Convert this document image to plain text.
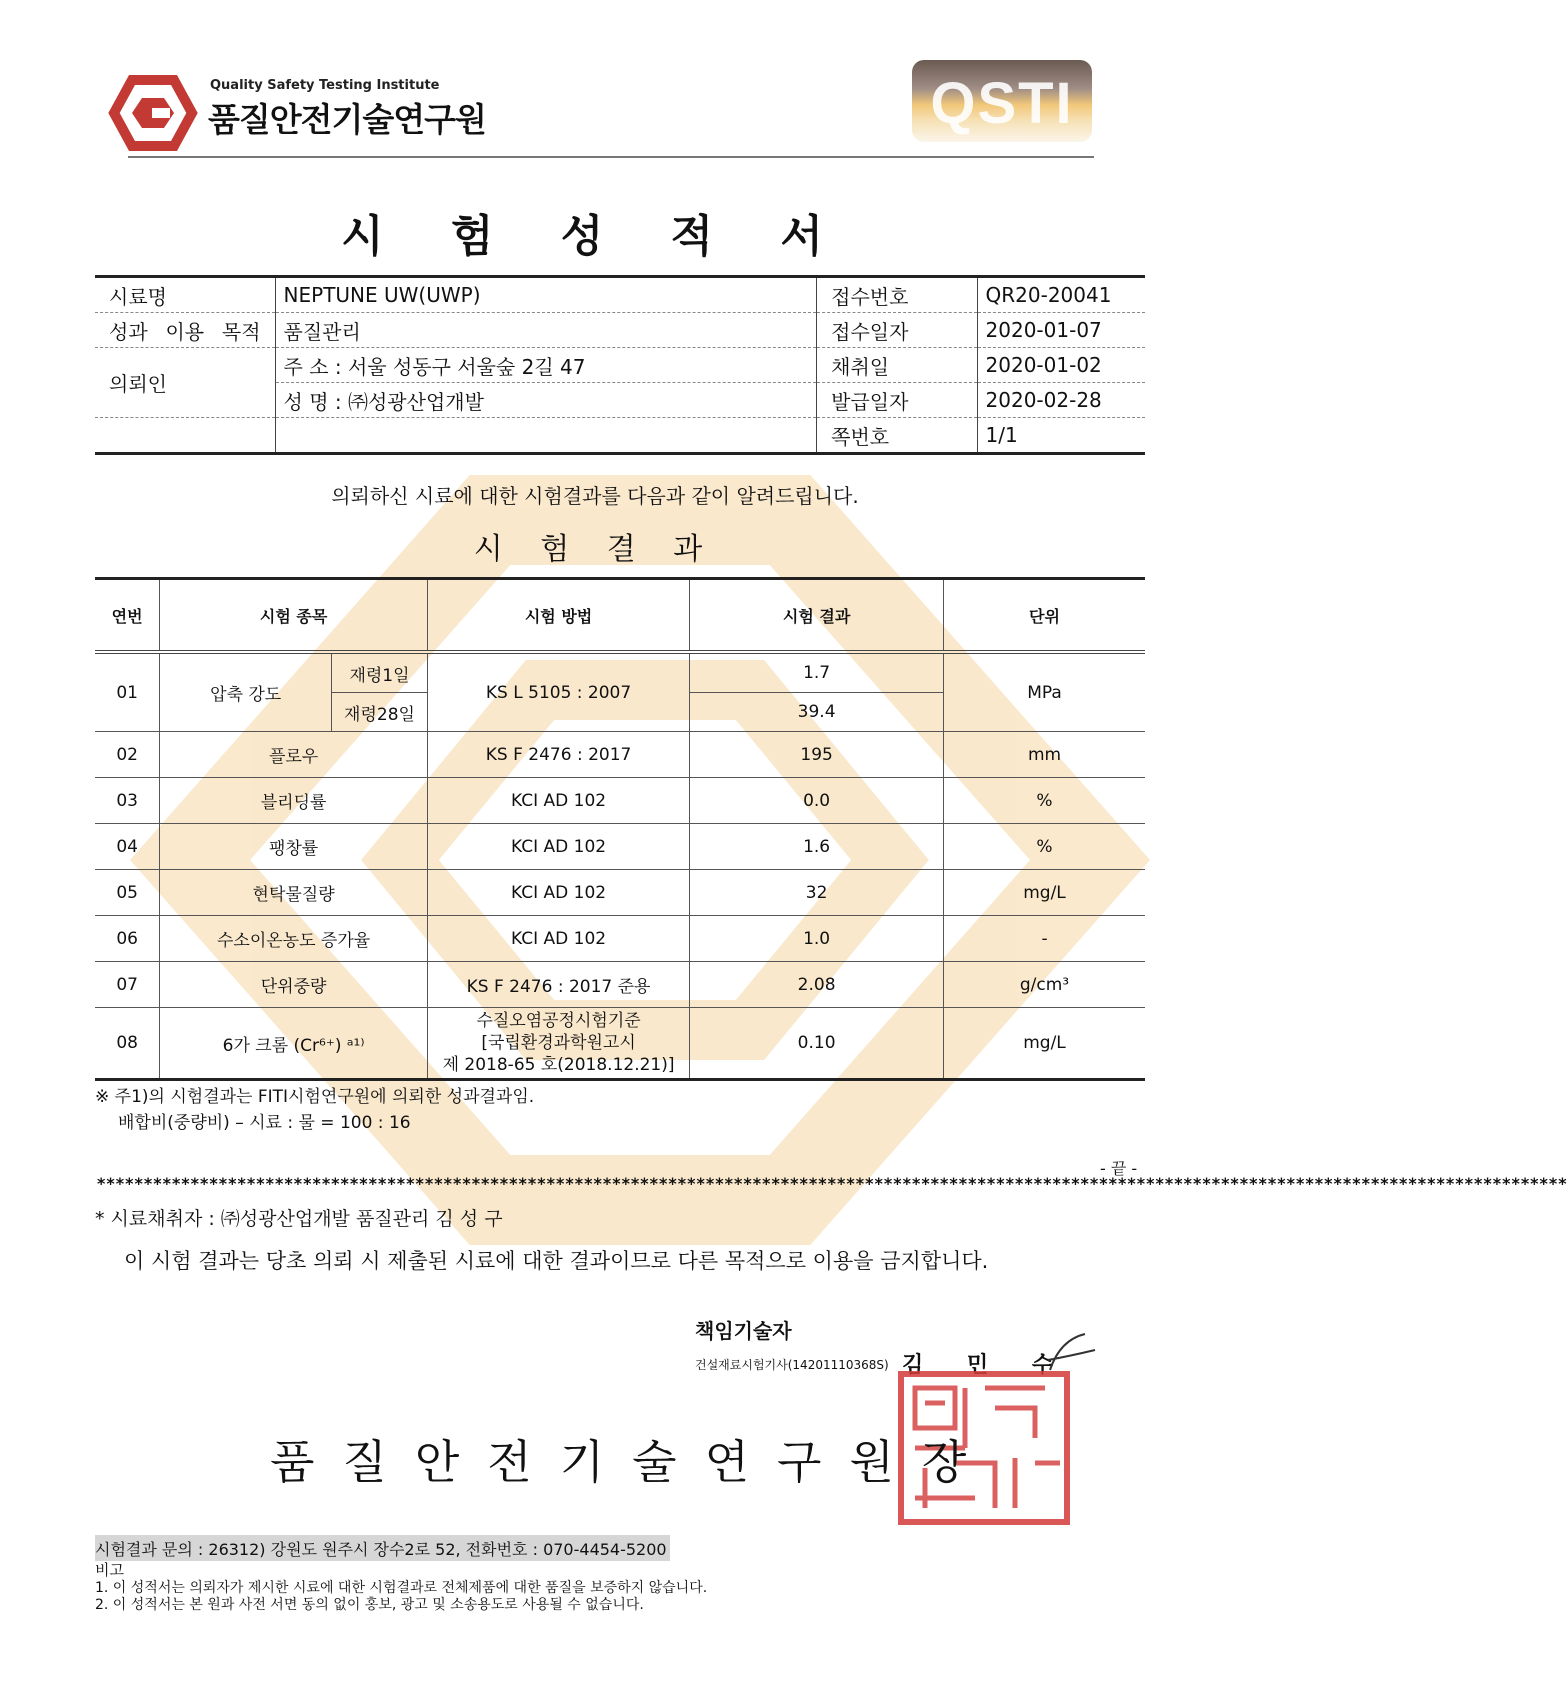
Quality Safety Testing Institute
품질안전기술연구원	QSTI
시 험 성 적 서
시료명	NEPTUNE UW(UWP)	접수번호	QR20-20041
성과 이용 목적	품질관리	접수일자	2020-01-07
의뢰인	주 소 : 서울 성동구 서울숲 2길 47	채취일	2020-01-02
	성 명 : ㈜성광산업개발	발급일자	2020-02-28
		쪽번호	1/1
의뢰하신 시료에 대한 시험결과를 다음과 같이 알려드립니다.
시 험 결 과
연번	시험 종목		시험 방법	시험 결과	단위
01	압축 강도	재령1일	KS L 5105 : 2007	1.7	MPa
		재령28일		39.4	
02	플로우		KS F 2476 : 2017	195	mm
03	블리딩률		KCI AD 102	0.0	%
04	팽창률		KCI AD 102	1.6	%
05	현탁물질량		KCI AD 102	32	mg/L
06	수소이온농도 증가율		KCI AD 102	1.0	-
07	단위중량		KS F 2476 : 2017 준용	2.08	g/cm³
08	6가 크롬 (Cr⁶⁺) ᵃ¹⁾		수질오염공정시험기준
[국립환경과학원고시
제 2018-65 호(2018.12.21)]	0.10	mg/L
※ 주1)의 시험결과는 FITI시험연구원에 의뢰한 성과결과임.
배합비(중량비) – 시료 : 물 = 100 : 16
- 끝 -
*************************************************************************************************************************************************************
* 시료채취자 : ㈜성광산업개발 품질관리 김 성 구
이 시험 결과는 당초 의뢰 시 제출된 시료에 대한 결과이므로 다른 목적으로 이용을 금지합니다.
책임기술자
건설재료시험기사(14201110368S) 김 민 수
품질안전기술연구원장
시험결과 문의 : 26312) 강원도 원주시 장수2로 52, 전화번호 : 070-4454-5200
비고
1. 이 성적서는 의뢰자가 제시한 시료에 대한 시험결과로 전체제품에 대한 품질을 보증하지 않습니다.
2. 이 성적서는 본 원과 사전 서면 동의 없이 홍보, 광고 및 소송용도로 사용될 수 없습니다.
